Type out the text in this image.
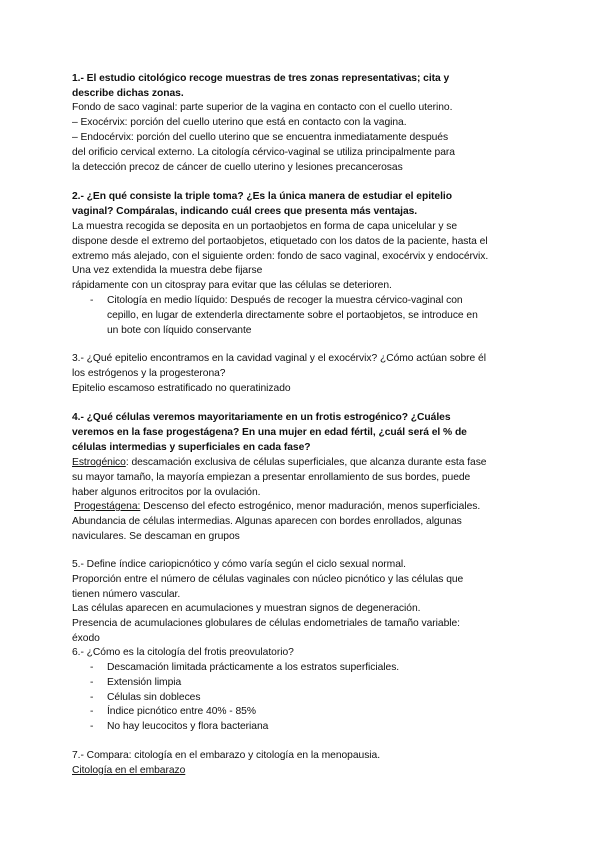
1.- El estudio citológico recoge muestras de tres zonas representativas; cita y
describe dichas zonas.
Fondo de saco vaginal: parte superior de la vagina en contacto con el cuello uterino.
– Exocérvix: porción del cuello uterino que está en contacto con la vagina.
– Endocérvix: porción del cuello uterino que se encuentra inmediatamente después
del orificio cervical externo. La citología cérvico-vaginal se utiliza principalmente para
la detección precoz de cáncer de cuello uterino y lesiones precancerosas
2.- ¿En qué consiste la triple toma? ¿Es la única manera de estudiar el epitelio
vaginal? Compáralas, indicando cuál crees que presenta más ventajas.
La muestra recogida se deposita en un portaobjetos en forma de capa unicelular y se
dispone desde el extremo del portaobjetos, etiquetado con los datos de la paciente, hasta el
extremo más alejado, con el siguiente orden: fondo de saco vaginal, exocérvix y endocérvix.
Una vez extendida la muestra debe fijarse
rápidamente con un citospray para evitar que las células se deterioren.
- Citología en medio líquido: Después de recoger la muestra cérvico-vaginal con
cepillo, en lugar de extenderla directamente sobre el portaobjetos, se introduce en
un bote con líquido conservante
3.- ¿Qué epitelio encontramos en la cavidad vaginal y el exocérvix? ¿Cómo actúan sobre él
los estrógenos y la progesterona?
Epitelio escamoso estratificado no queratinizado
4.- ¿Qué células veremos mayoritariamente en un frotis estrogénico? ¿Cuáles
veremos en la fase progestágena? En una mujer en edad fértil, ¿cuál será el % de
células intermedias y superficiales en cada fase?
Estrogénico: descamación exclusiva de células superficiales, que alcanza durante esta fase
su mayor tamaño, la mayoría empiezan a presentar enrollamiento de sus bordes, puede
haber algunos eritrocitos por la ovulación.
Progestágena: Descenso del efecto estrogénico, menor maduración, menos superficiales.
Abundancia de células intermedias. Algunas aparecen con bordes enrollados, algunas
naviculares. Se descaman en grupos
5.- Define índice cariopicnótico y cómo varía según el ciclo sexual normal.
Proporción entre el número de células vaginales con núcleo picnótico y las células que
tienen número vascular.
Las células aparecen en acumulaciones y muestran signos de degeneración.
Presencia de acumulaciones globulares de células endometriales de tamaño variable:
éxodo
6.- ¿Cómo es la citología del frotis preovulatorio?
- Descamación limitada prácticamente a los estratos superficiales.
- Extensión limpia
- Células sin dobleces
- Índice picnótico entre 40% - 85%
- No hay leucocitos y flora bacteriana
7.- Compara: citología en el embarazo y citología en la menopausia.
Citología en el embarazo
